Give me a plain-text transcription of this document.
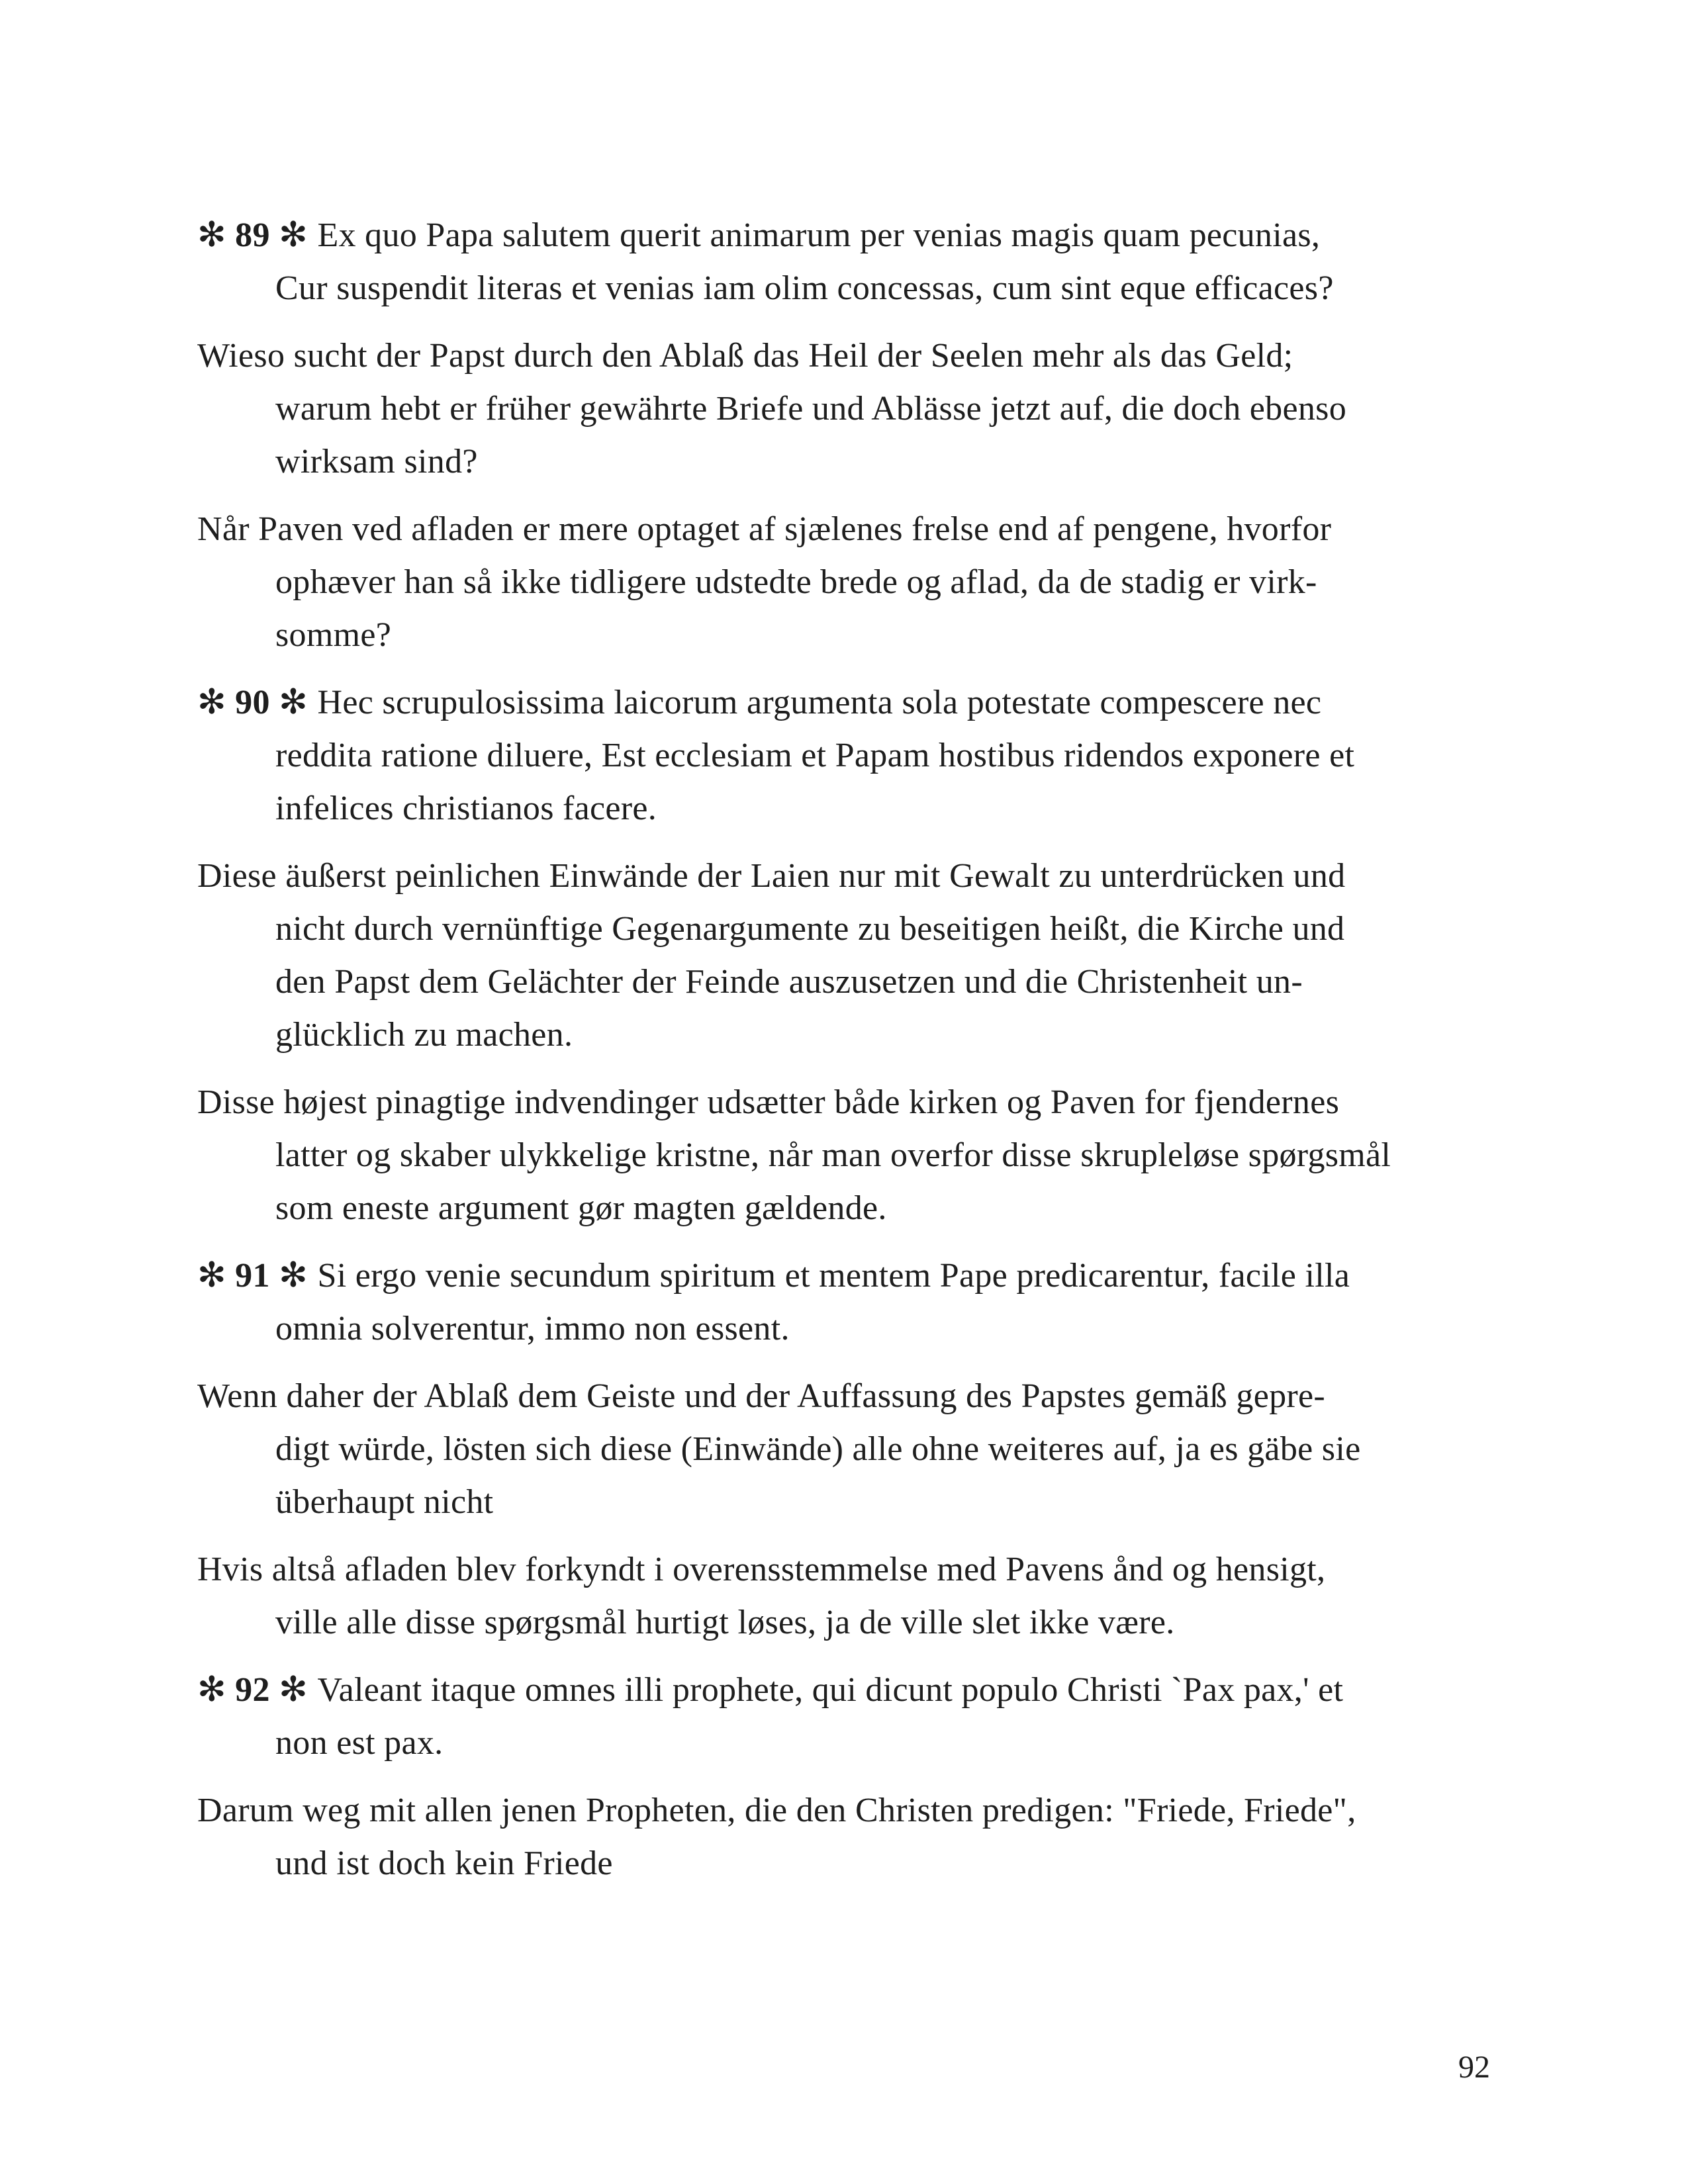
✻ 89 ✻ Ex quo Papa salutem querit animarum per venias magis quam pecunias,
Cur suspendit literas et venias iam olim concessas, cum sint eque efficaces?
Wieso sucht der Papst durch den Ablaß das Heil der Seelen mehr als das Geld;
warum hebt er früher gewährte Briefe und Ablässe jetzt auf, die doch ebenso
wirksam sind?
Når Paven ved afladen er mere optaget af sjælenes frelse end af pengene, hvorfor
ophæver han så ikke tidligere udstedte brede og aflad, da de stadig er virk-
somme?
✻ 90 ✻ Hec scrupulosissima laicorum argumenta sola potestate compescere nec
reddita ratione diluere, Est ecclesiam et Papam hostibus ridendos exponere et
infelices christianos facere.
Diese äußerst peinlichen Einwände der Laien nur mit Gewalt zu unterdrücken und
nicht durch vernünftige Gegenargumente zu beseitigen heißt, die Kirche und
den Papst dem Gelächter der Feinde auszusetzen und die Christenheit un-
glücklich zu machen.
Disse højest pinagtige indvendinger udsætter både kirken og Paven for fjendernes
latter og skaber ulykkelige kristne, når man overfor disse skrupleløse spørgsmål
som eneste argument gør magten gældende.
✻ 91 ✻ Si ergo venie secundum spiritum et mentem Pape predicarentur, facile illa
omnia solverentur, immo non essent.
Wenn daher der Ablaß dem Geiste und der Auffassung des Papstes gemäß gepre-
digt würde, lösten sich diese (Einwände) alle ohne weiteres auf, ja es gäbe sie
überhaupt nicht
Hvis altså afladen blev forkyndt i overensstemmelse med Pavens ånd og hensigt,
ville alle disse spørgsmål hurtigt løses, ja de ville slet ikke være.
✻ 92 ✻ Valeant itaque omnes illi prophete, qui dicunt populo Christi `Pax pax,' et
non est pax.
Darum weg mit allen jenen Propheten, die den Christen predigen: "Friede, Friede",
und ist doch kein Friede
92
